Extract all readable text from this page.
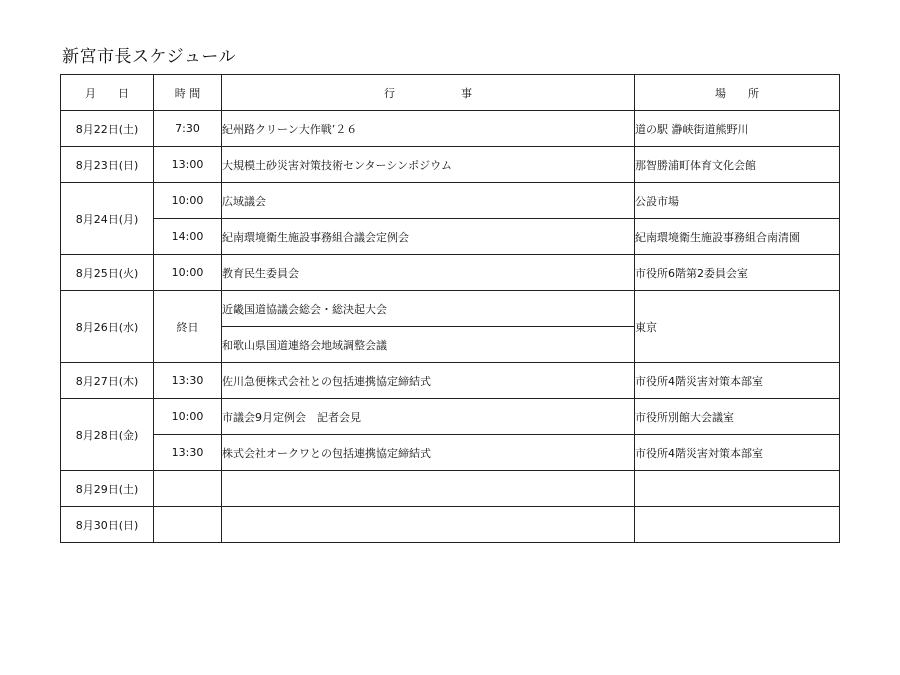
新宮市長スケジュール
月　　日	時 間	行　　　　　　事	場　　所
8月22日(土)	7:30	紀州路クリーン大作戦’２６	道の駅 瀞峡街道熊野川
8月23日(日)	13:00	大規模土砂災害対策技術センターシンポジウム	那智勝浦町体育文化会館
8月24日(月)	10:00	広域議会	公設市場
	14:00	紀南環境衛生施設事務組合議会定例会	紀南環境衛生施設事務組合南清園
8月25日(火)	10:00	教育民生委員会	市役所6階第2委員会室
8月26日(水)	終日	近畿国道協議会総会・総決起大会	東京
		和歌山県国道連絡会地域調整会議	
8月27日(木)	13:30	佐川急便株式会社との包括連携協定締結式	市役所4階災害対策本部室
8月28日(金)	10:00	市議会9月定例会　記者会見	市役所別館大会議室
	13:30	株式会社オークワとの包括連携協定締結式	市役所4階災害対策本部室
8月29日(土)			
8月30日(日)			
